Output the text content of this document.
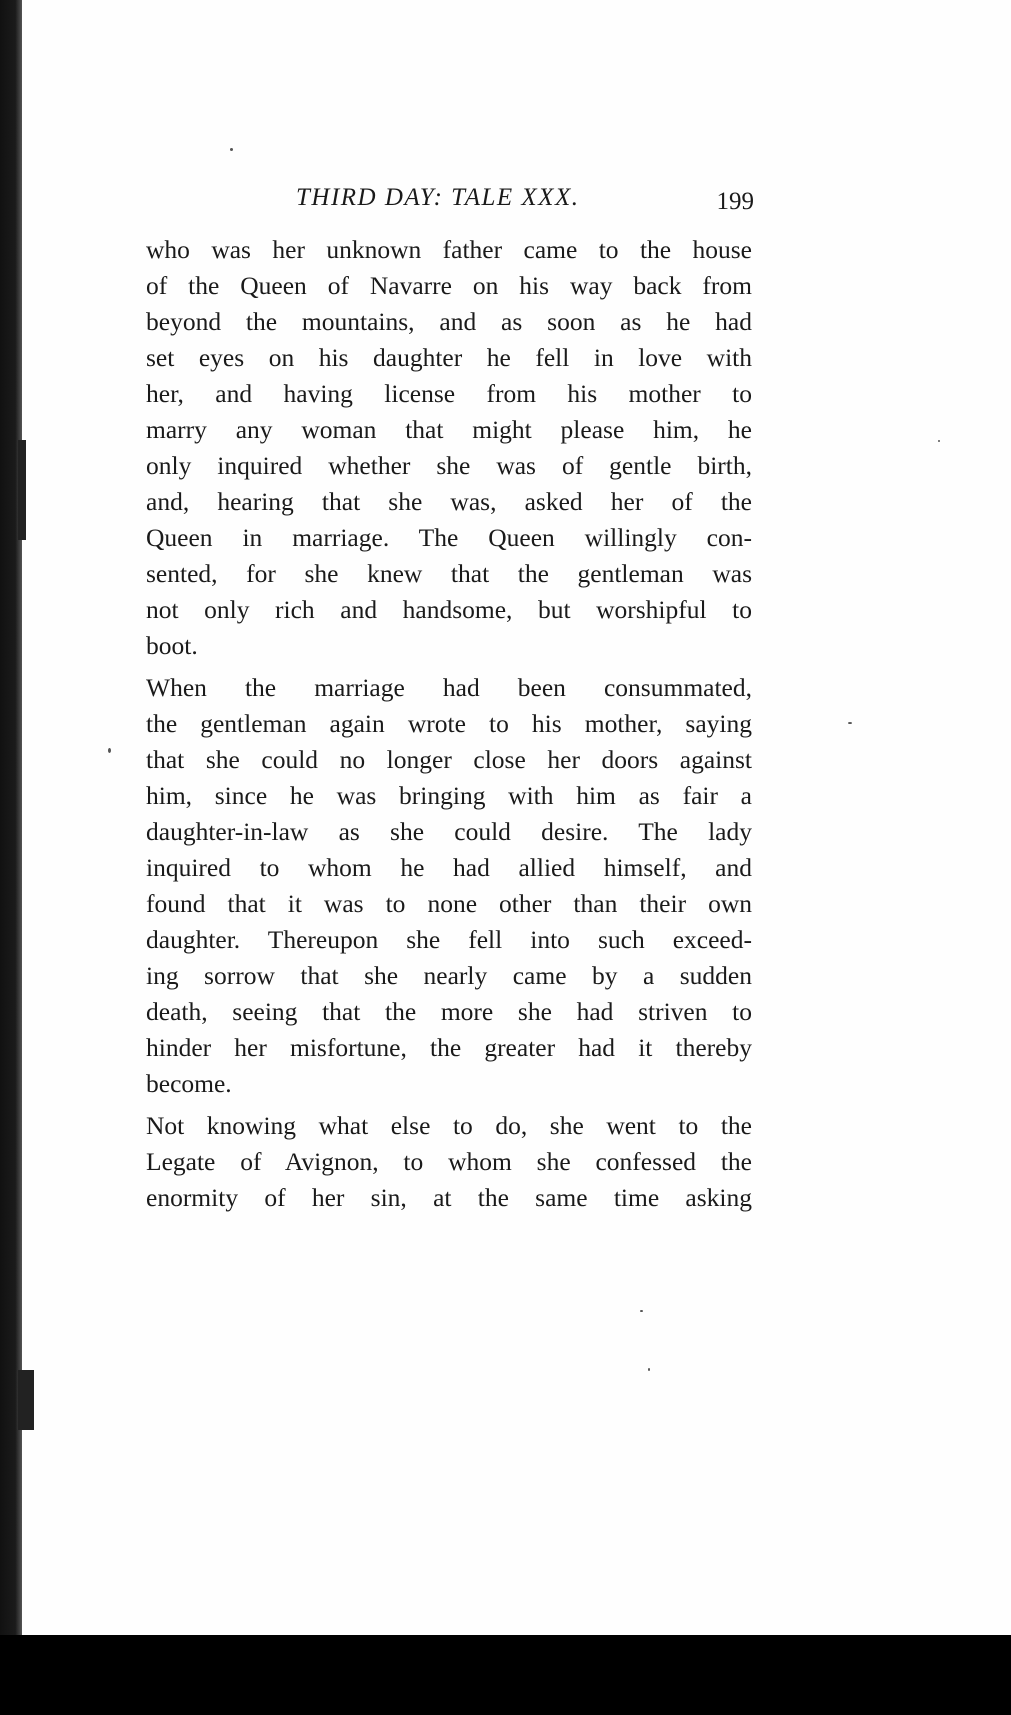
THIRD DAY: TALE XXX.	199

who was her unknown father came to the house
of the Queen of Navarre on his way back from
beyond the mountains, and as soon as he had
set eyes on his daughter he fell in love with
her, and having license from his mother to
marry any woman that might please him, he
only inquired whether she was of gentle birth,
and, hearing that she was, asked her of the
Queen in marriage. The Queen willingly con-
sented, for she knew that the gentleman was
not only rich and handsome, but worshipful to
boot.

When the marriage had been consummated,
the gentleman again wrote to his mother, saying
that she could no longer close her doors against
him, since he was bringing with him as fair a
daughter-in-law as she could desire. The lady
inquired to whom he had allied himself, and
found that it was to none other than their own
daughter. Thereupon she fell into such exceed-
ing sorrow that she nearly came by a sudden
death, seeing that the more she had striven to
hinder her misfortune, the greater had it thereby
become.

Not knowing what else to do, she went to the
Legate of Avignon, to whom she confessed the
enormity of her sin, at the same time asking
